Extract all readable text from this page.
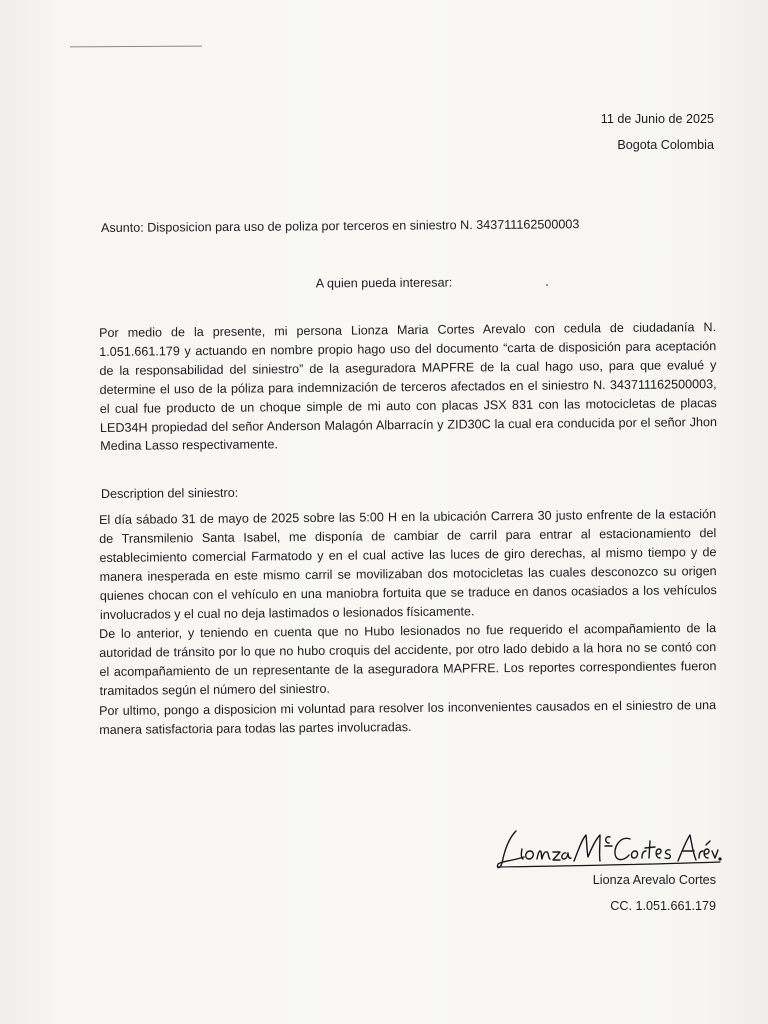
11 de Junio de 2025
Bogota Colombia
Asunto: Disposicion para uso de poliza por terceros en siniestro N. 343711162500003
A quien pueda interesar:

Por medio de la presente, mi persona Lionza Maria Cortes Arevalo con cedula de ciudadanía N. 1.051.661.179 y actuando en nombre propio hago uso del documento “carta de disposición para aceptación de la responsabilidad del siniestro” de la aseguradora MAPFRE de la cual hago uso, para que evalué y determine el uso de la póliza para indemnización de terceros afectados en el siniestro N. 343711162500003, el cual fue producto de un choque simple de mi auto con placas JSX 831 con las motocicletas de placas LED34H propiedad del señor Anderson Malagón Albarracín y ZID30C la cual era conducida por el señor Jhon Medina Lasso respectivamente.

Description del siniestro:

El día sábado 31 de mayo de 2025 sobre las 5:00 H en la ubicación Carrera 30 justo enfrente de la estación de Transmilenio Santa Isabel, me disponía de cambiar de carril para entrar al estacionamiento del establecimiento comercial Farmatodo y en el cual active las luces de giro derechas, al mismo tiempo y de manera inesperada en este mismo carril se movilizaban dos motocicletas las cuales desconozco su origen quienes chocan con el vehículo en una maniobra fortuita que se traduce en danos ocasiados a los vehículos involucrados y el cual no deja lastimados o lesionados físicamente.

De lo anterior, y teniendo en cuenta que no Hubo lesionados no fue requerido el acompañamiento de la autoridad de tránsito por lo que no hubo croquis del accidente, por otro lado debido a la hora no se contó con el acompañamiento de un representante de la aseguradora MAPFRE. Los reportes correspondientes fueron tramitados según el número del siniestro.

Por ultimo, pongo a disposicion mi voluntad para resolver los inconvenientes causados en el siniestro de una manera satisfactoria para todas las partes involucradas.

Lionza Arevalo Cortes
CC. 1.051.661.179
